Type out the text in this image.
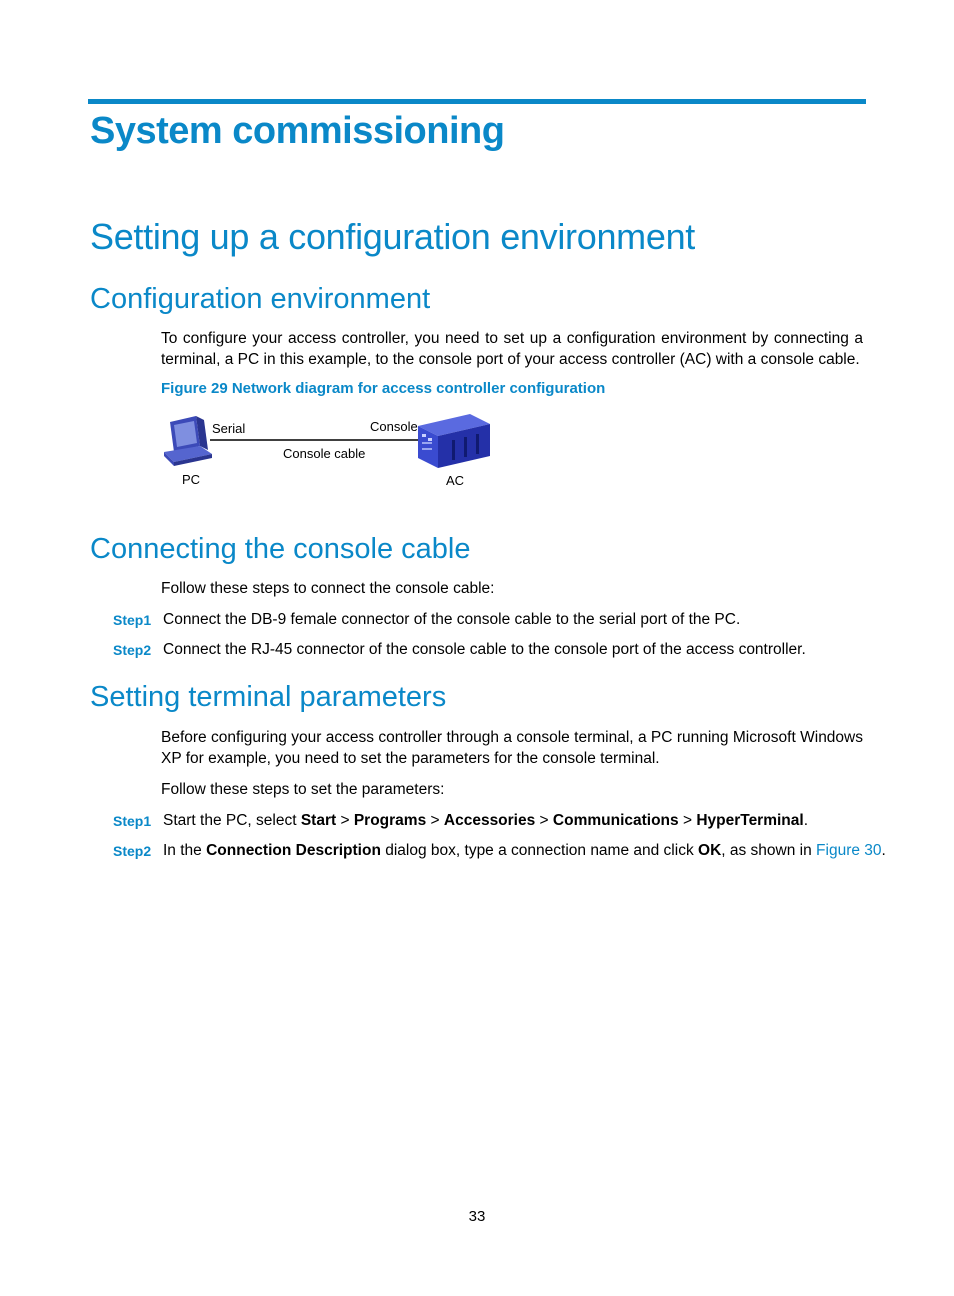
System commissioning
Setting up a configuration environment
Configuration environment

To configure your access controller, you need to set up a configuration environment by connecting a terminal, a PC in this example, to the console port of your access controller (AC) with a console cable.

Figure 29 Network diagram for access controller configuration

Serial	Console
Console cable
PC	AC
Connecting the console cable

Follow these steps to connect the console cable:

Step1 Connect the DB-9 female connector of the console cable to the serial port of the PC.
Step2 Connect the RJ-45 connector of the console cable to the console port of the access controller.
Setting terminal parameters

Before configuring your access controller through a console terminal, a PC running Microsoft Windows XP for example, you need to set the parameters for the console terminal.

Follow these steps to set the parameters:

Step1 Start the PC, select Start > Programs > Accessories > Communications > HyperTerminal.
Step2 In the Connection Description dialog box, type a connection name and click OK, as shown in Figure 30.
33
